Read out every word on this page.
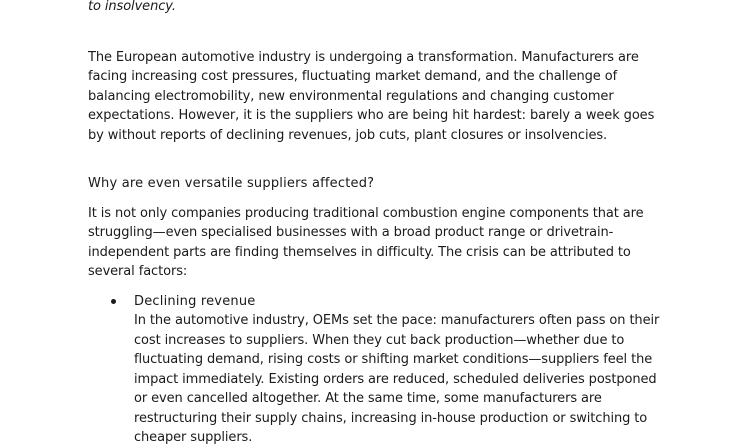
to insolvency.

The European automotive industry is undergoing a transformation. Manufacturers are facing increasing cost pressures, fluctuating market demand, and the challenge of balancing electromobility, new environmental regulations and changing customer expectations. However, it is the suppliers who are being hit hardest: barely a week goes by without reports of declining revenues, job cuts, plant closures or insolvencies.

Why are even versatile suppliers affected?

It is not only companies producing traditional combustion engine components that are struggling—even specialised businesses with a broad product range or drivetrain-independent parts are finding themselves in difficulty. The crisis can be attributed to several factors:

Declining revenue
In the automotive industry, OEMs set the pace: manufacturers often pass on their cost increases to suppliers. When they cut back production—whether due to fluctuating demand, rising costs or shifting market conditions—suppliers feel the impact immediately. Existing orders are reduced, scheduled deliveries postponed or even cancelled altogether. At the same time, some manufacturers are restructuring their supply chains, increasing in-house production or switching to cheaper suppliers.
